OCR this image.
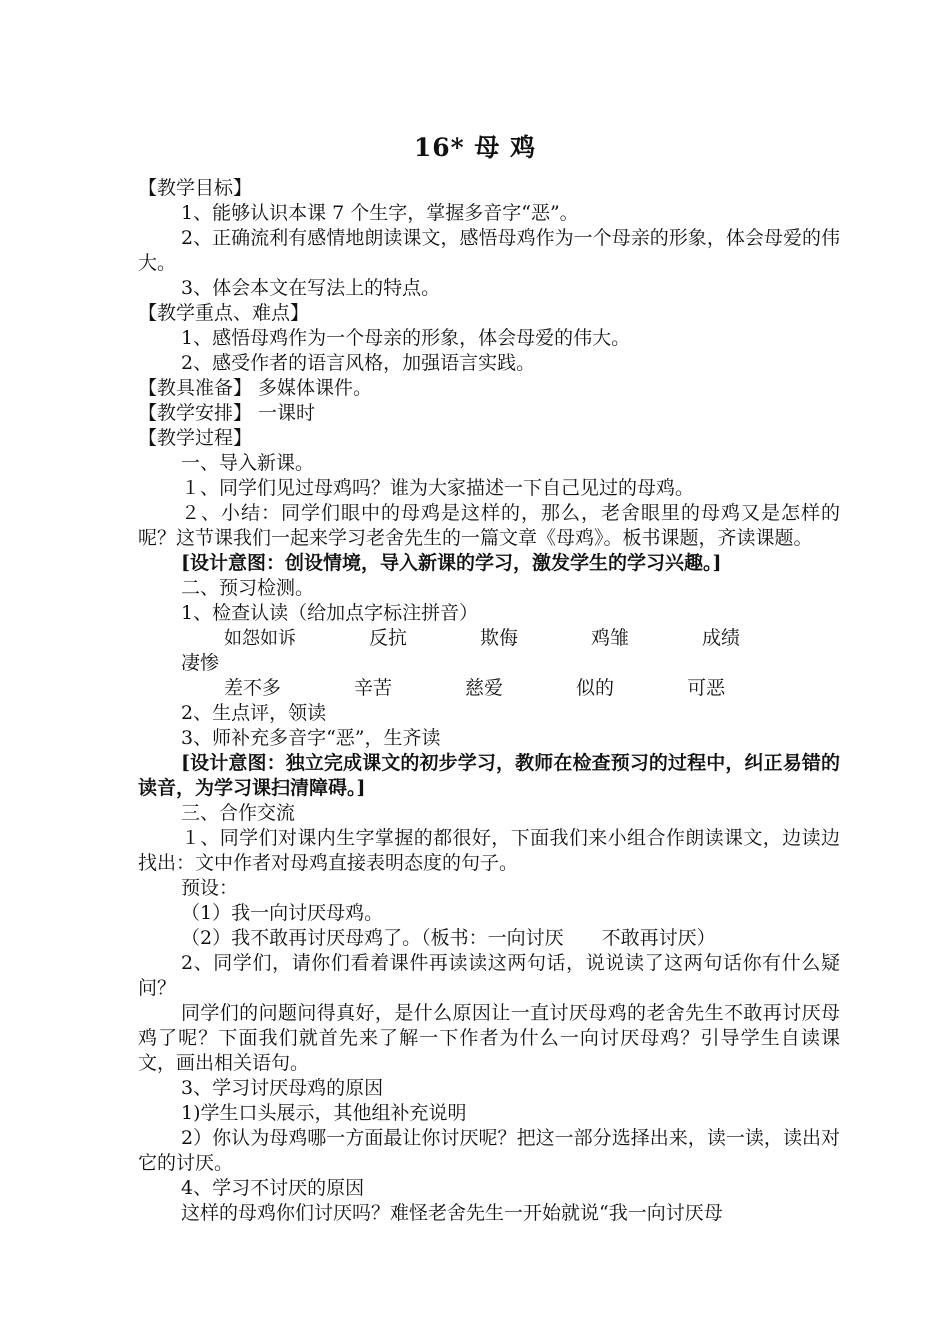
16* 母 鸡

【教学目标】

1、能够认识本课 7 个生字，掌握多音字“恶”。

2、正确流利有感情地朗读课文，感悟母鸡作为一个母亲的形象，体会母爱的伟大。

3、体会本文在写法上的特点。

【教学重点、难点】

1、感悟母鸡作为一个母亲的形象，体会母爱的伟大。

2、感受作者的语言风格，加强语言实践。

【教具准备】 多媒体课件。

【教学安排】 一课时

【教学过程】

一、导入新课。

１、同学们见过母鸡吗？谁为大家描述一下自己见过的母鸡。

２、小结：同学们眼中的母鸡是这样的，那么，老舍眼里的母鸡又是怎样的呢？这节课我们一起来学习老舍先生的一篇文章《母鸡》。板书课题，齐读课题。

[设计意图：创设情境，导入新课的学习，激发学生的学习兴趣。]

二、预习检测。

1、检查认读（给加点字标注拼音）

如怨如诉	反抗	欺侮	鸡雏	成绩凄惨

差不多	辛苦	慈爱	似的	可恶

2、生点评，领读

3、师补充多音字“恶”，生齐读

[设计意图：独立完成课文的初步学习，教师在检查预习的过程中，纠正易错的读音，为学习课扫清障碍。]

三、合作交流

１、同学们对课内生字掌握的都很好，下面我们来小组合作朗读课文，边读边找出：文中作者对母鸡直接表明态度的句子。

预设：

（1）我一向讨厌母鸡。

（2）我不敢再讨厌母鸡了。（板书：一向讨厌　　不敢再讨厌）

2、同学们，请你们看着课件再读读这两句话，说说读了这两句话你有什么疑问？

同学们的问题问得真好，是什么原因让一直讨厌母鸡的老舍先生不敢再讨厌母鸡了呢？下面我们就首先来了解一下作者为什么一向讨厌母鸡？引导学生自读课文，画出相关语句。

3、学习讨厌母鸡的原因

1)学生口头展示，其他组补充说明

2）你认为母鸡哪一方面最让你讨厌呢？把这一部分选择出来，读一读，读出对它的讨厌。

4、学习不讨厌的原因

这样的母鸡你们讨厌吗？难怪老舍先生一开始就说“我一向讨厌母
